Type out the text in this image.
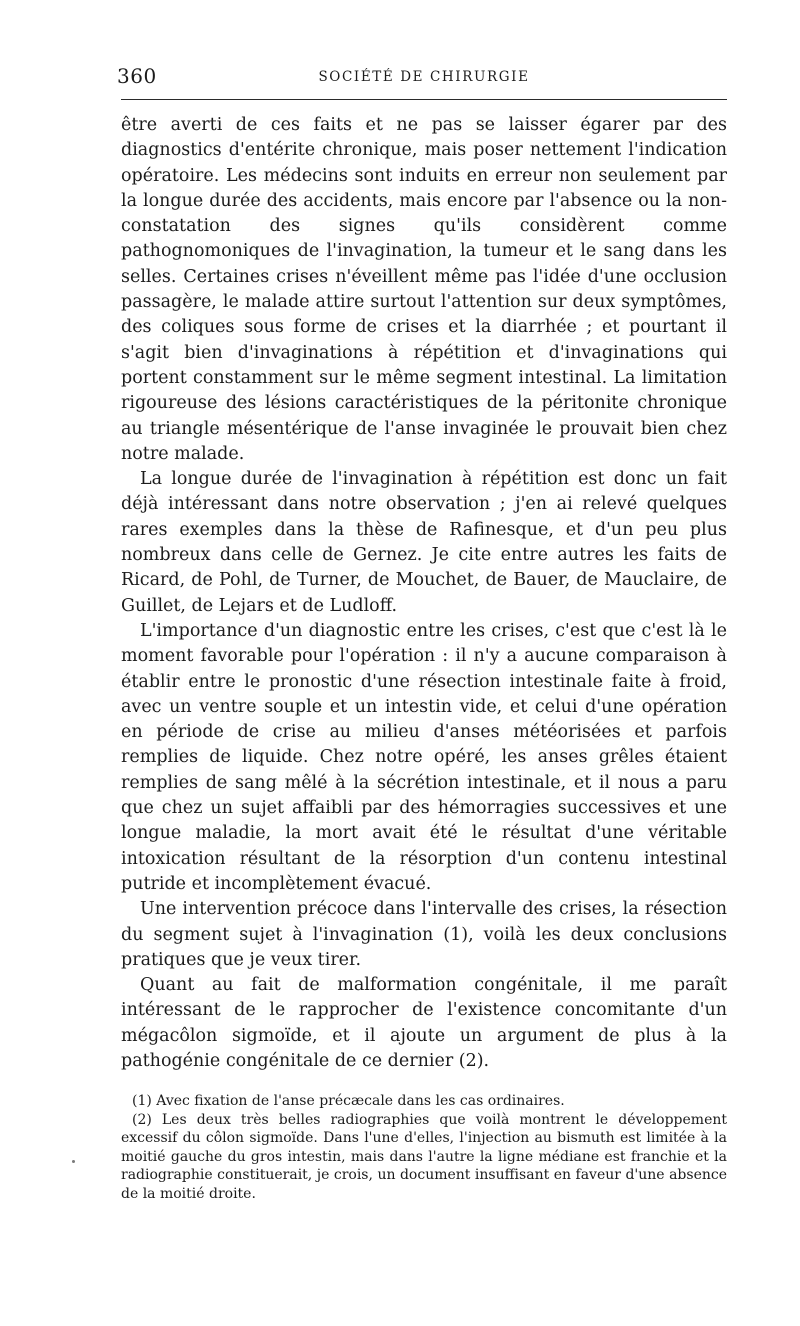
360	SOCIÉTÉ DE CHIRURGIE

être averti de ces faits et ne pas se laisser égarer par des diagnostics d'entérite chronique, mais poser nettement l'indication opératoire. Les médecins sont induits en erreur non seulement par la longue durée des accidents, mais encore par l'absence ou la non-constatation des signes qu'ils considèrent comme pathognomoniques de l'invagination, la tumeur et le sang dans les selles. Certaines crises n'éveillent même pas l'idée d'une occlusion passagère, le malade attire surtout l'attention sur deux symptômes, des coliques sous forme de crises et la diarrhée ; et pourtant il s'agit bien d'invaginations à répétition et d'invaginations qui portent constamment sur le même segment intestinal. La limitation rigoureuse des lésions caractéristiques de la péritonite chronique au triangle mésentérique de l'anse invaginée le prouvait bien chez notre malade.

La longue durée de l'invagination à répétition est donc un fait déjà intéressant dans notre observation ; j'en ai relevé quelques rares exemples dans la thèse de Rafinesque, et d'un peu plus nombreux dans celle de Gernez. Je cite entre autres les faits de Ricard, de Pohl, de Turner, de Mouchet, de Bauer, de Mauclaire, de Guillet, de Lejars et de Ludloff.

L'importance d'un diagnostic entre les crises, c'est que c'est là le moment favorable pour l'opération : il n'y a aucune comparaison à établir entre le pronostic d'une résection intestinale faite à froid, avec un ventre souple et un intestin vide, et celui d'une opération en période de crise au milieu d'anses météorisées et parfois remplies de liquide. Chez notre opéré, les anses grêles étaient remplies de sang mêlé à la sécrétion intestinale, et il nous a paru que chez un sujet affaibli par des hémorragies successives et une longue maladie, la mort avait été le résultat d'une véritable intoxication résultant de la résorption d'un contenu intestinal putride et incomplètement évacué.

Une intervention précoce dans l'intervalle des crises, la résection du segment sujet à l'invagination (1), voilà les deux conclusions pratiques que je veux tirer.

Quant au fait de malformation congénitale, il me paraît intéressant de le rapprocher de l'existence concomitante d'un mégacôlon sigmoïde, et il ajoute un argument de plus à la pathogénie congénitale de ce dernier (2).

(1) Avec fixation de l'anse précæcale dans les cas ordinaires.

(2) Les deux très belles radiographies que voilà montrent le développement excessif du côlon sigmoïde. Dans l'une d'elles, l'injection au bismuth est limitée à la moitié gauche du gros intestin, mais dans l'autre la ligne médiane est franchie et la radiographie constituerait, je crois, un document insuffisant en faveur d'une absence de la moitié droite.
